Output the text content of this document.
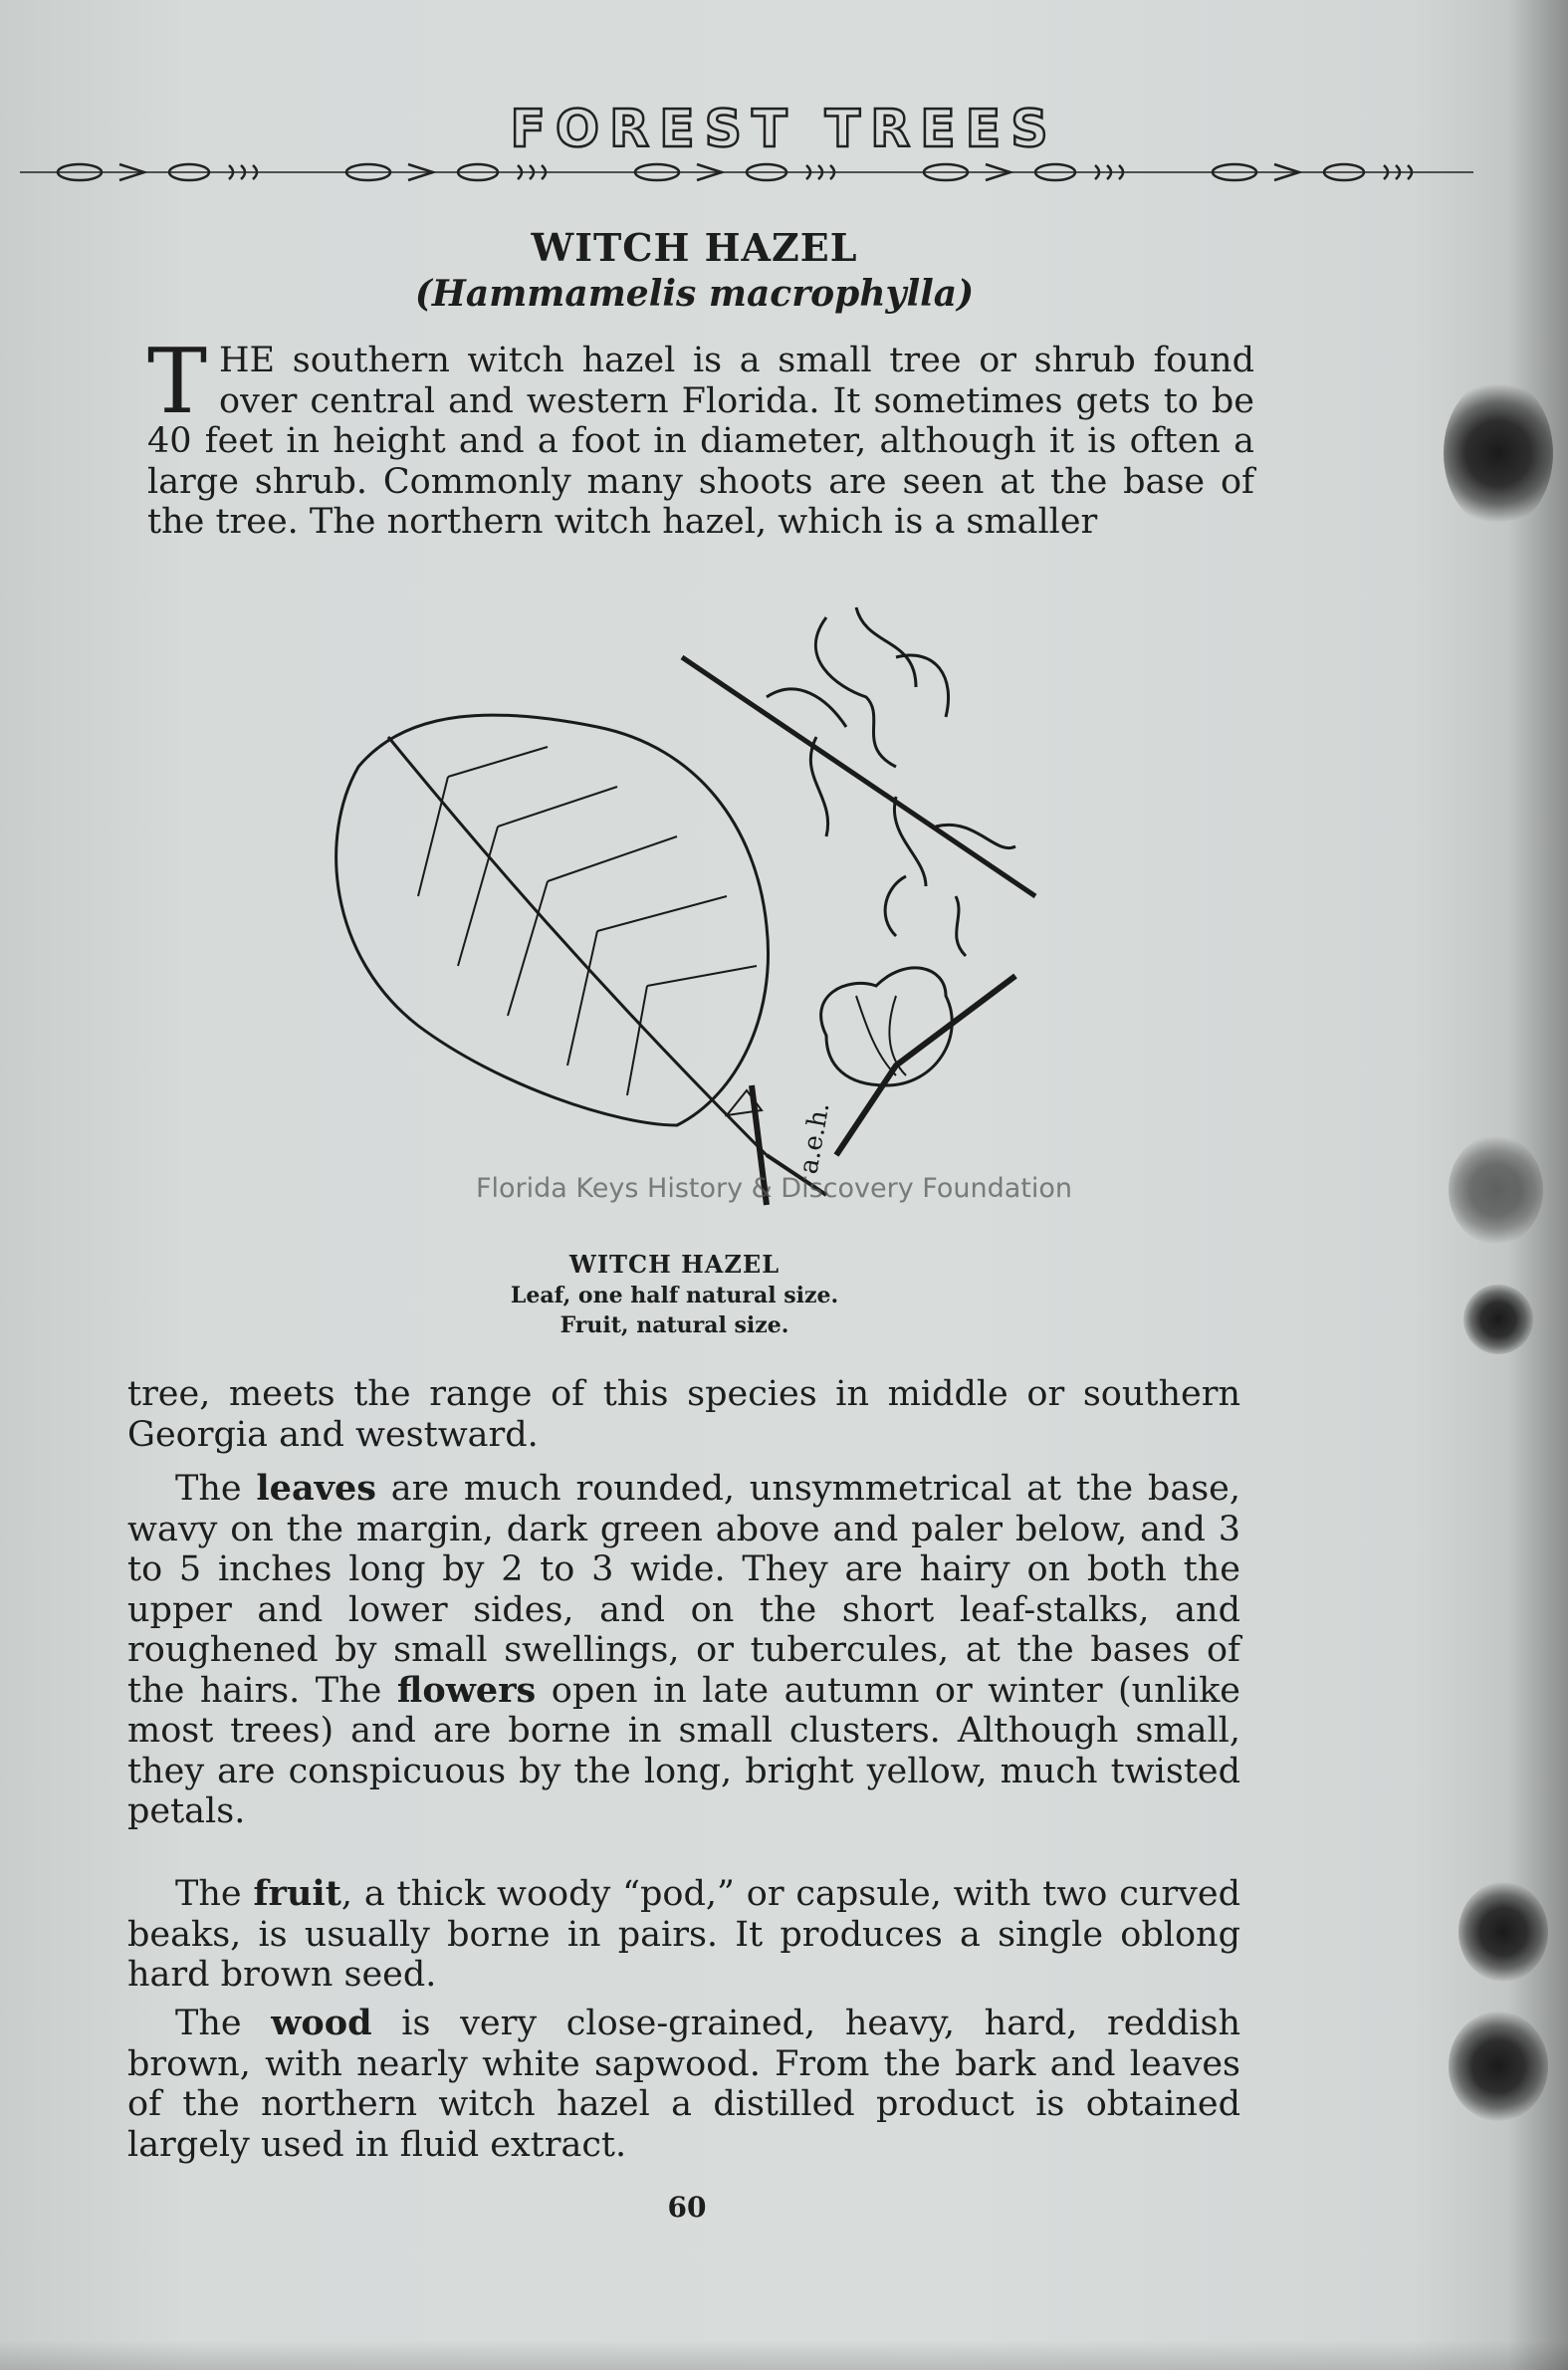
FOREST TREES
WITCH HAZEL
(Hammamelis macrophylla)

THE southern witch hazel is a small tree or shrub found over central and western Florida. It sometimes gets to be 40 feet in height and a foot in diameter, although it is often a large shrub. Commonly many shoots are seen at the base of the tree. The northern witch hazel, which is a smaller

a.e.h.
Florida Keys History & Discovery Foundation

WITCH HAZEL

Leaf, one half natural size.

Fruit, natural size.

tree, meets the range of this species in middle or southern Georgia and westward.

The leaves are much rounded, unsymmetrical at the base, wavy on the margin, dark green above and paler below, and 3 to 5 inches long by 2 to 3 wide. They are hairy on both the upper and lower sides, and on the short leaf-stalks, and roughened by small swellings, or tubercules, at the bases of the hairs. The flowers open in late autumn or winter (unlike most trees) and are borne in small clusters. Although small, they are conspicuous by the long, bright yellow, much twisted petals.

The fruit, a thick woody “pod,” or capsule, with two curved beaks, is usually borne in pairs. It produces a single oblong hard brown seed.

The wood is very close-grained, heavy, hard, reddish brown, with nearly white sapwood. From the bark and leaves of the northern witch hazel a distilled product is obtained largely used in fluid extract.

60
